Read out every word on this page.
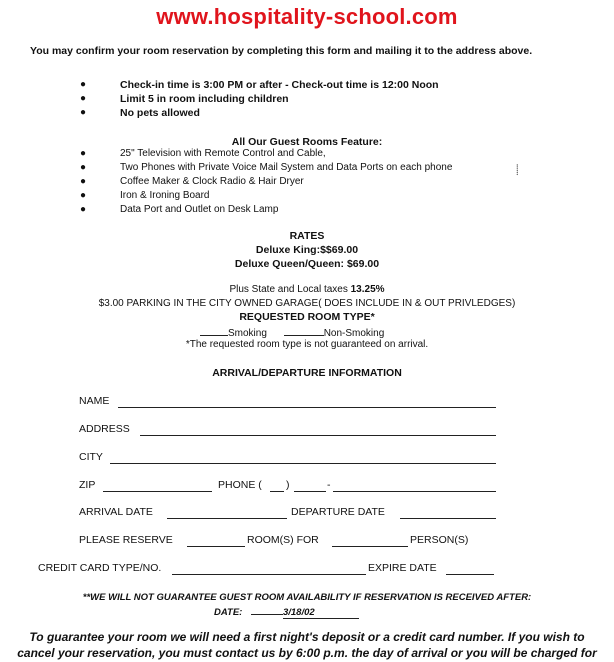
www.hospitality-school.com
You may confirm your room reservation by completing this form and mailing it to the address above.
●	Check-in time is 3:00 PM or after - Check-out time is 12:00 Noon
●	Limit 5 in room including children
●	No pets allowed
All Our Guest Rooms Feature:
●	25" Television with Remote Control and Cable,
●	Two Phones with Private Voice Mail System and Data Ports on each phone
●	Coffee Maker & Clock Radio & Hair Dryer
●	Iron & Ironing Board
●	Data Port and Outlet on Desk Lamp
⸽
RATES
Deluxe King:$$69.00
Deluxe Queen/Queen: $69.00
Plus State and Local taxes 13.25%
$3.00 PARKING IN THE CITY OWNED GARAGE( DOES INCLUDE IN & OUT PRIVLEDGES)
REQUESTED ROOM TYPE*
Smoking	Non-Smoking
*The requested room type is not guaranteed on arrival.
ARRIVAL/DEPARTURE INFORMATION
NAME
ADDRESS
CITY
ZIP	PHONE ( )	-
ARRIVAL DATE	DEPARTURE DATE
PLEASE RESERVE	ROOM(S) FOR	PERSON(S)
CREDIT CARD TYPE/NO.	EXPIRE DATE
**WE WILL NOT GUARANTEE GUEST ROOM AVAILABILITY IF RESERVATION IS RECEIVED AFTER:
DATE:	3/18/02
To guarantee your room we will need a first night's deposit or a credit card number. If you wish to
cancel your reservation, you must contact us by 6:00 p.m. the day of arrival or you will be charged for
